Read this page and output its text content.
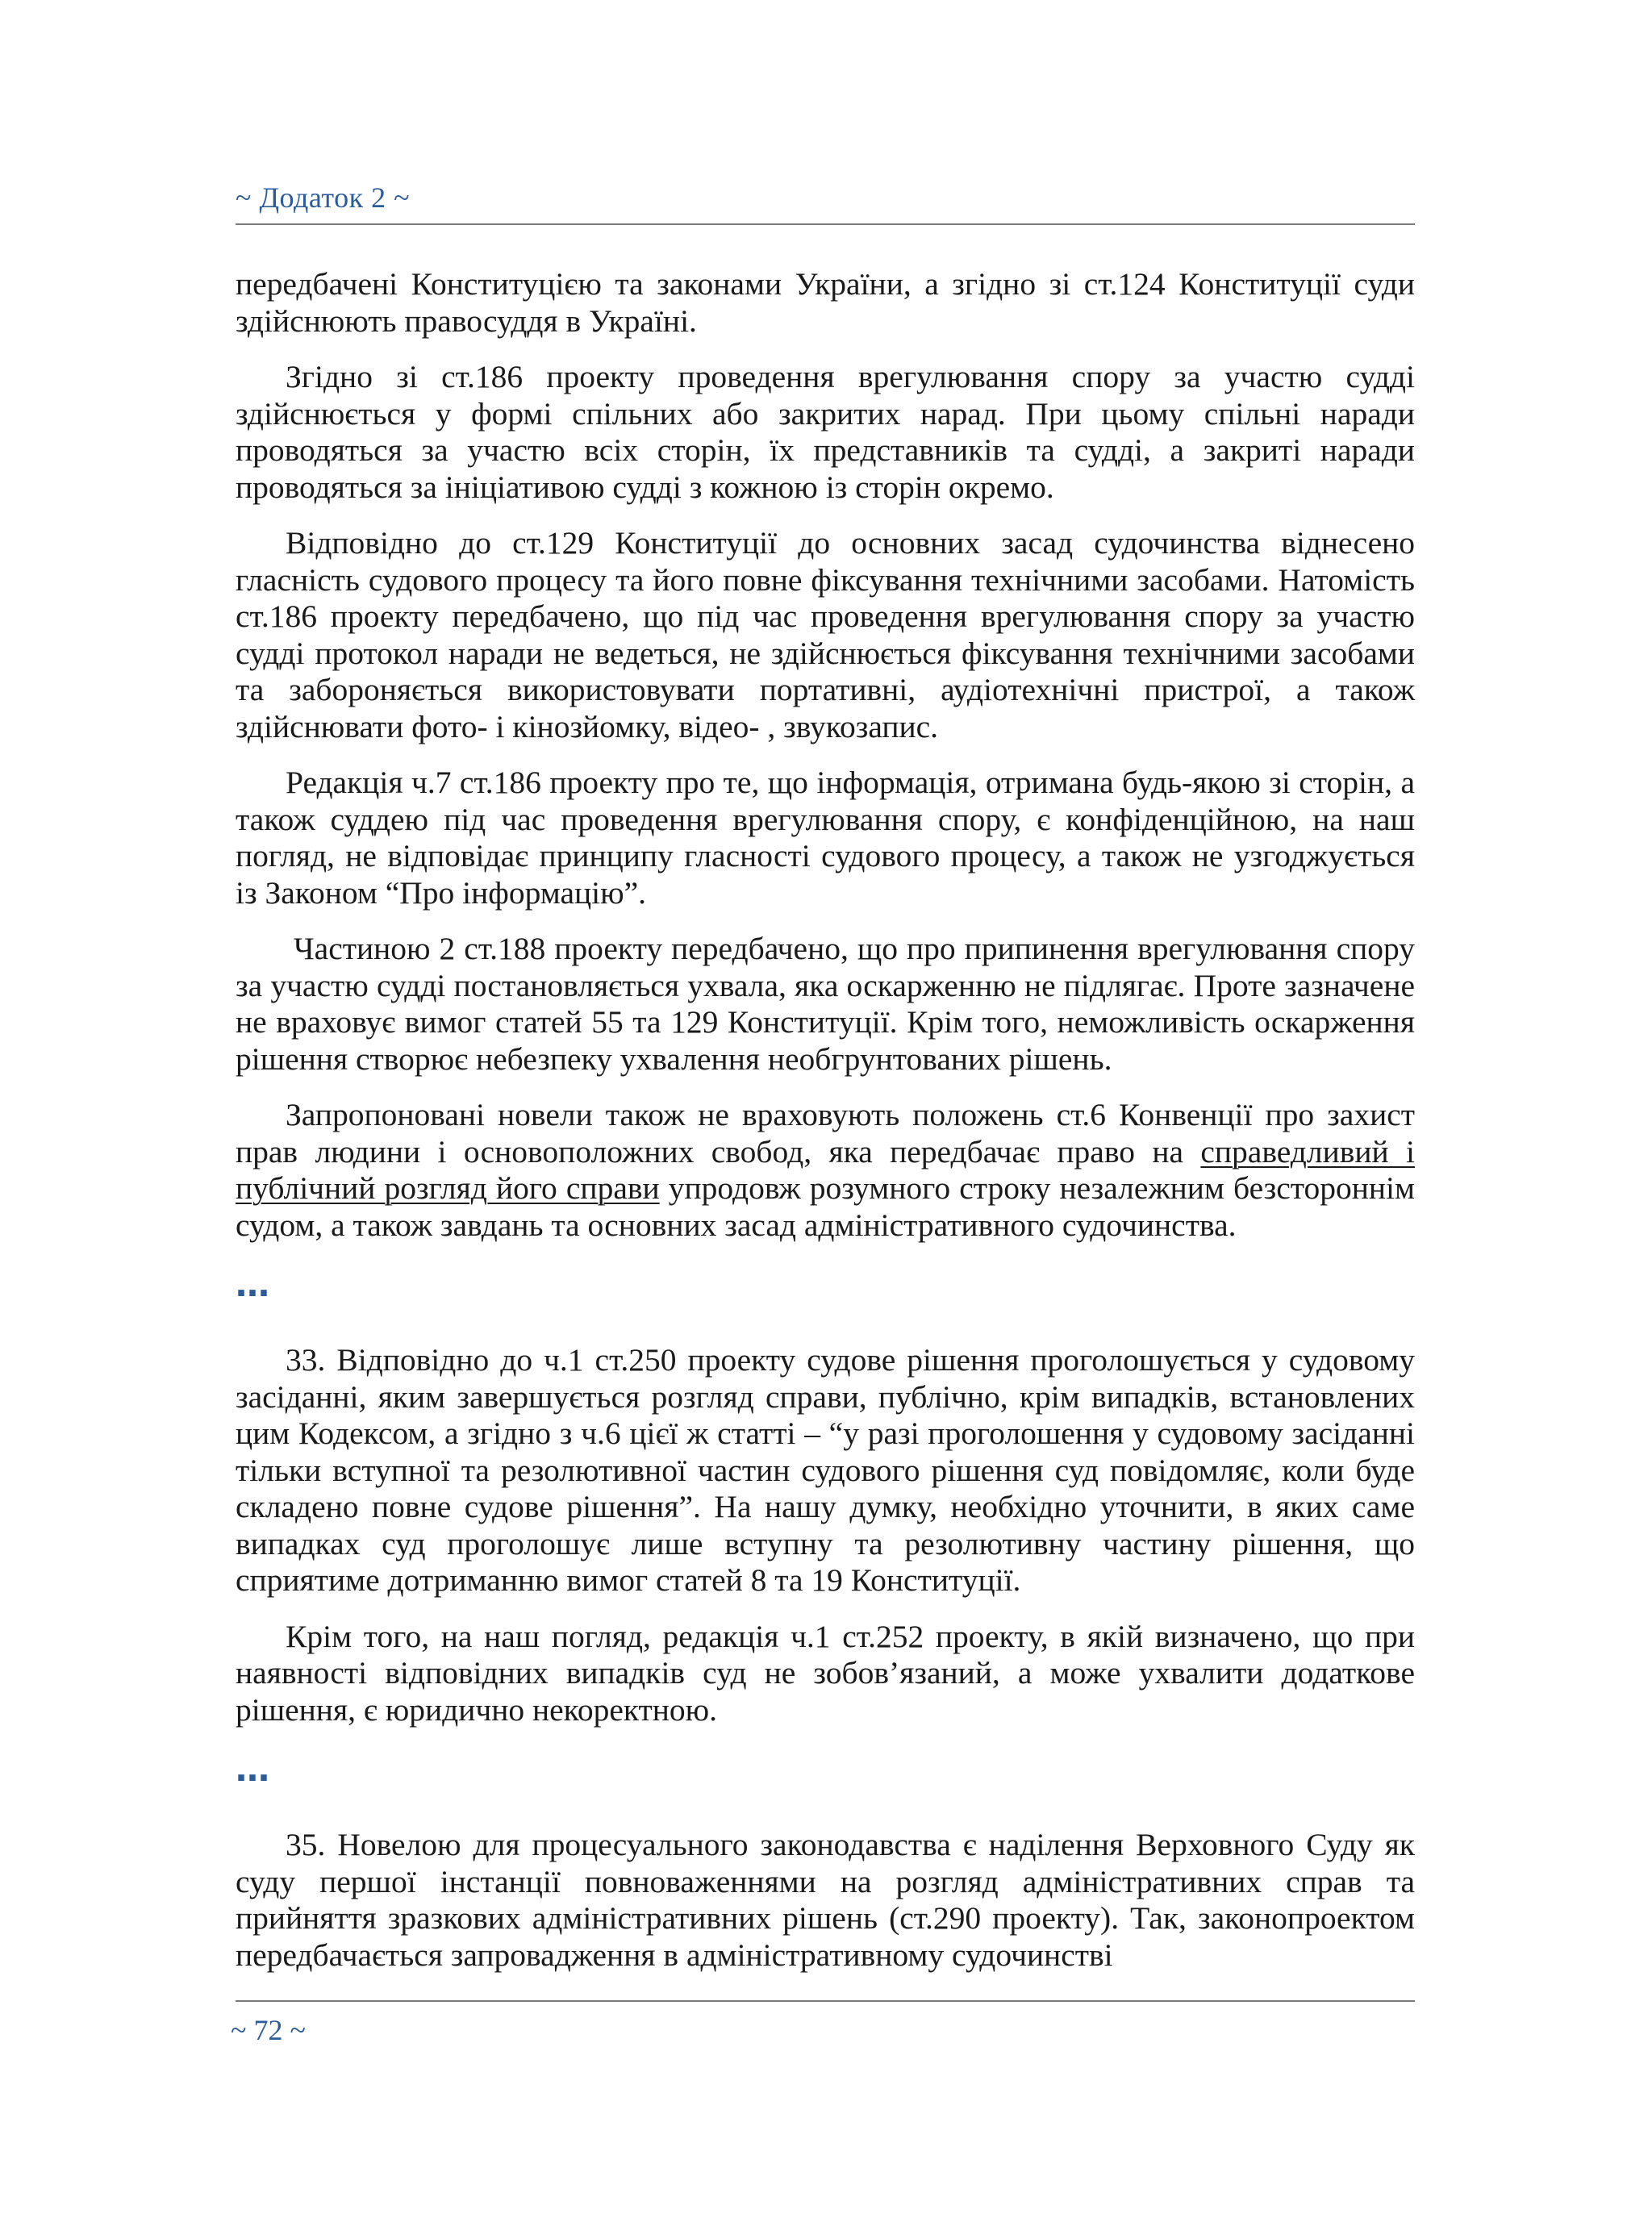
~ Додаток 2 ~

передбачені Конституцією та законами України, а згідно зі ст.124 Конституції суди здійснюють правосуддя в Україні.

Згідно зі ст.186 проекту проведення врегулювання спору за участю судді здійснюється у формі спільних або закритих нарад. При цьому спільні наради проводяться за участю всіх сторін, їх представників та судді, а закриті наради проводяться за ініціативою судді з кожною із сторін окремо.

Відповідно до ст.129 Конституції до основних засад судочинства віднесено гласність судового процесу та його повне фіксування технічними засобами. Натомість ст.186 проекту передбачено, що під час проведення врегулювання спору за участю судді протокол наради не ведеться, не здійснюється фіксування технічними засобами та забороняється використовувати портативні, аудіотехнічні пристрої, а також здійснювати фото- і кінозйомку, відео- , звукозапис.

Редакція ч.7 ст.186 проекту про те, що інформація, отримана будь-якою зі сторін, а також суддею під час проведення врегулювання спору, є конфіденційною, на наш погляд, не відповідає принципу гласності судового процесу, а також не узгоджується із Законом “Про інформацію”.

Частиною 2 ст.188 проекту передбачено, що про припинення врегулювання спору за участю судді постановляється ухвала, яка оскарженню не підлягає. Проте зазначене не враховує вимог статей 55 та 129 Конституції. Крім того, неможливість оскарження рішення створює небезпеку ухвалення необгрунтованих рішень.

Запропоновані новели також не враховують положень ст.6 Конвенції про захист прав людини і основоположних свобод, яка передбачає право на справедливий і публічний розгляд його справи упродовж розумного строку незалежним безстороннім судом, а також завдань та основних засад адміністративного судочинства.

…

33. Відповідно до ч.1 ст.250 проекту судове рішення проголошується у судовому засіданні, яким завершується розгляд справи, публічно, крім випадків, встановлених цим Кодексом, а згідно з ч.6 цієї ж статті – “у разі проголошення у судовому засіданні тільки вступної та резолютивної частин судового рішення суд повідомляє, коли буде складено повне судове рішення”. На нашу думку, необхідно уточнити, в яких саме випадках суд проголошує лише вступну та резолютивну частину рішення, що сприятиме дотриманню вимог статей 8 та 19 Конституції.

Крім того, на наш погляд, редакція ч.1 ст.252 проекту, в якій визначено, що при наявності відповідних випадків суд не зобов’язаний, а може ухвалити додаткове рішення, є юридично некоректною.

…

35. Новелою для процесуального законодавства є наділення Верховного Суду як суду першої інстанції повноваженнями на розгляд адміністративних справ та прийняття зразкових адміністративних рішень (ст.290 проекту). Так, законопроектом передбачається запровадження в адміністративному судочинстві

~ 72 ~
